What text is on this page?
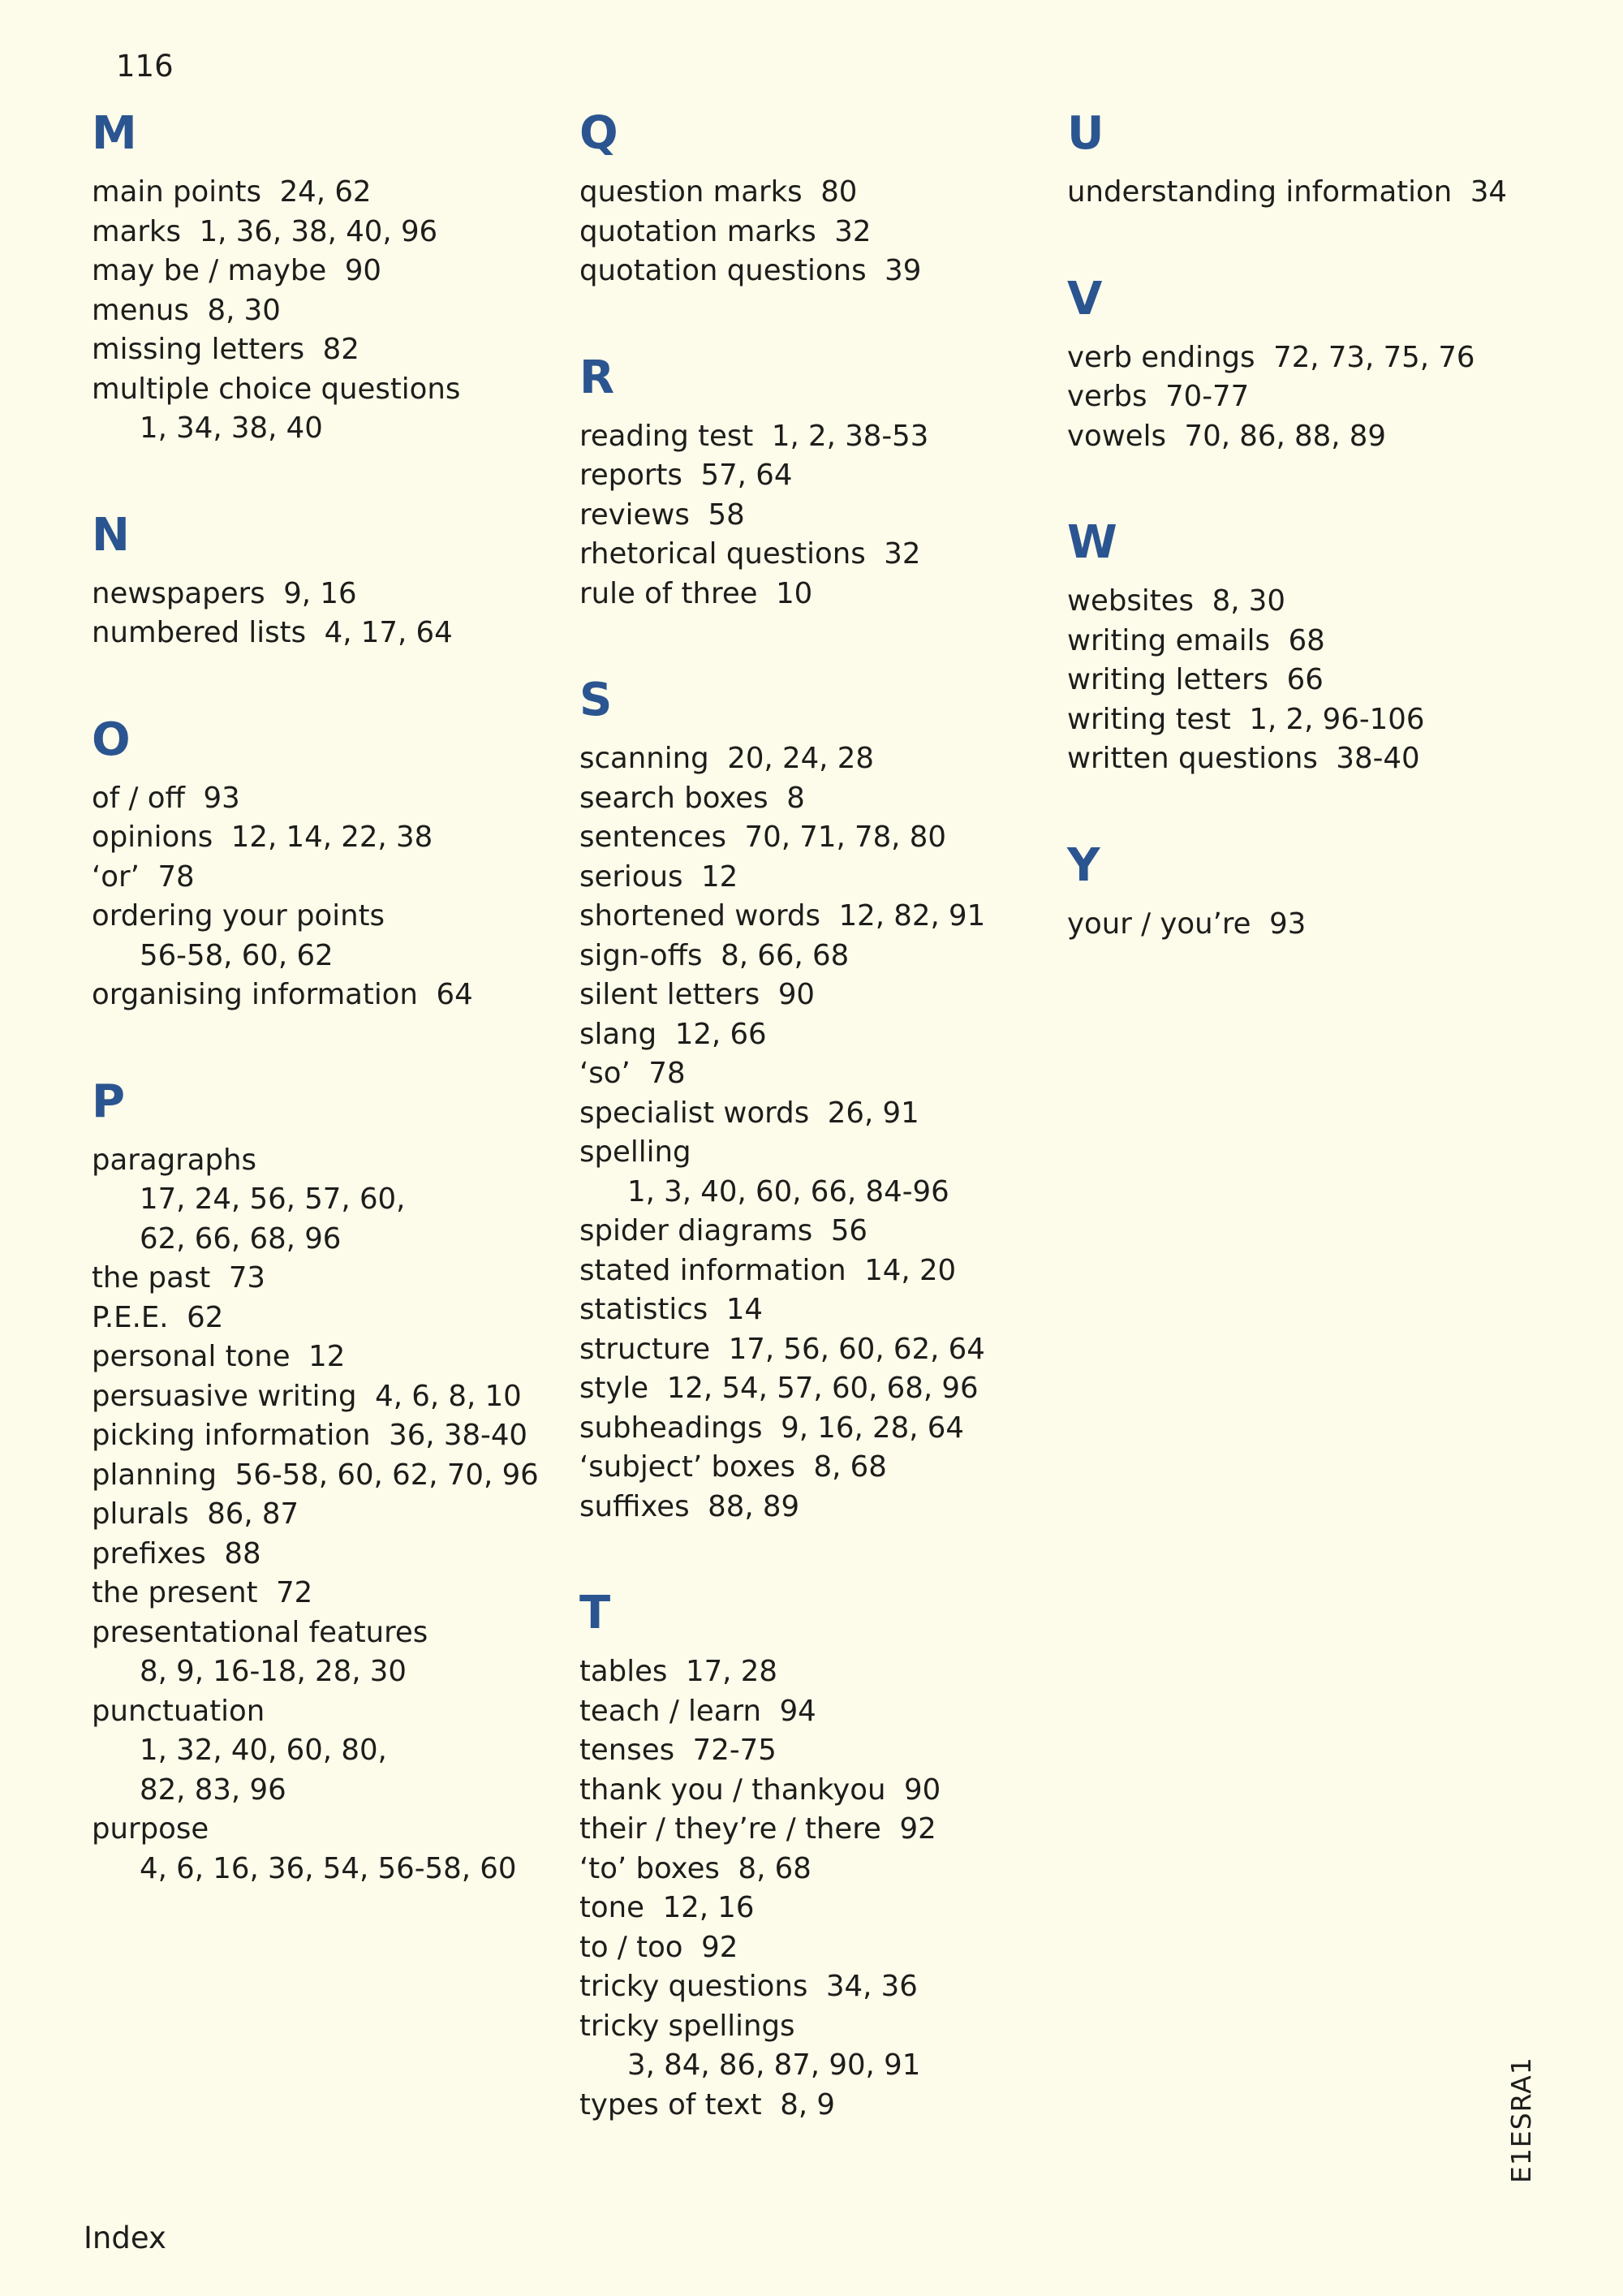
116
M
main points 24, 62
marks 1, 36, 38, 40, 96
may be / maybe 90
menus 8, 30
missing letters 82
multiple choice questions
1, 34, 38, 40
N
newspapers 9, 16
numbered lists 4, 17, 64
O
of / off 93
opinions 12, 14, 22, 38
‘or’ 78
ordering your points
56-58, 60, 62
organising information 64
P
paragraphs
17, 24, 56, 57, 60,
62, 66, 68, 96
the past 73
P.E.E. 62
personal tone 12
persuasive writing 4, 6, 8, 10
picking information 36, 38-40
planning 56-58, 60, 62, 70, 96
plurals 86, 87
prefixes 88
the present 72
presentational features
8, 9, 16-18, 28, 30
punctuation
1, 32, 40, 60, 80,
82, 83, 96
purpose
4, 6, 16, 36, 54, 56-58, 60
Q
question marks 80
quotation marks 32
quotation questions 39
R
reading test 1, 2, 38-53
reports 57, 64
reviews 58
rhetorical questions 32
rule of three 10
S
scanning 20, 24, 28
search boxes 8
sentences 70, 71, 78, 80
serious 12
shortened words 12, 82, 91
sign-offs 8, 66, 68
silent letters 90
slang 12, 66
‘so’ 78
specialist words 26, 91
spelling
1, 3, 40, 60, 66, 84-96
spider diagrams 56
stated information 14, 20
statistics 14
structure 17, 56, 60, 62, 64
style 12, 54, 57, 60, 68, 96
subheadings 9, 16, 28, 64
‘subject’ boxes 8, 68
suffixes 88, 89
T
tables 17, 28
teach / learn 94
tenses 72-75
thank you / thankyou 90
their / they’re / there 92
‘to’ boxes 8, 68
tone 12, 16
to / too 92
tricky questions 34, 36
tricky spellings
3, 84, 86, 87, 90, 91
types of text 8, 9
U
understanding information 34
V
verb endings 72, 73, 75, 76
verbs 70-77
vowels 70, 86, 88, 89
W
websites 8, 30
writing emails 68
writing letters 66
writing test 1, 2, 96-106
written questions 38-40
Y
your / you’re 93
Index
E1ESRA1
